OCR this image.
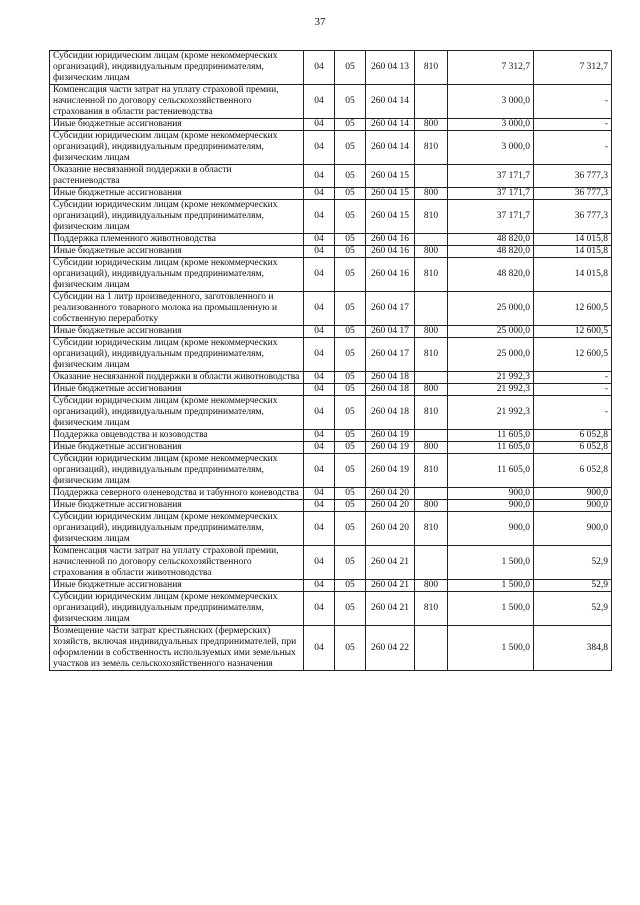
37
Субсидии юридическим лицам (кроме некоммерческих организаций), индивидуальным предпринимателям, физическим лицам	04	05	260 04 13	810	7 312,7	7 312,7
Компенсация части затрат на уплату страховой премии, начисленной по договору сельскохозяйственного страхования в области растениеводства	04	05	260 04 14		3 000,0	-
Иные бюджетные ассигнования	04	05	260 04 14	800	3 000,0	-
Субсидии юридическим лицам (кроме некоммерческих организаций), индивидуальным предпринимателям, физическим лицам	04	05	260 04 14	810	3 000,0	-
Оказание несвязанной поддержки в области растениеводства	04	05	260 04 15		37 171,7	36 777,3
Иные бюджетные ассигнования	04	05	260 04 15	800	37 171,7	36 777,3
Субсидии юридическим лицам (кроме некоммерческих организаций), индивидуальным предпринимателям, физическим лицам	04	05	260 04 15	810	37 171,7	36 777,3
Поддержка племенного животноводства	04	05	260 04 16		48 820,0	14 015,8
Иные бюджетные ассигнования	04	05	260 04 16	800	48 820,0	14 015,8
Субсидии юридическим лицам (кроме некоммерческих организаций), индивидуальным предпринимателям, физическим лицам	04	05	260 04 16	810	48 820,0	14 015,8
Субсидии на 1 литр произведенного, заготовленного и реализованного товарного молока на промышленную и собственную переработку	04	05	260 04 17		25 000,0	12 600,5
Иные бюджетные ассигнования	04	05	260 04 17	800	25 000,0	12 600,5
Субсидии юридическим лицам (кроме некоммерческих организаций), индивидуальным предпринимателям, физическим лицам	04	05	260 04 17	810	25 000,0	12 600,5
Оказание несвязанной поддержки в области животноводства	04	05	260 04 18		21 992,3	-
Иные бюджетные ассигнования	04	05	260 04 18	800	21 992,3	-
Субсидии юридическим лицам (кроме некоммерческих организаций), индивидуальным предпринимателям, физическим лицам	04	05	260 04 18	810	21 992,3	-
Поддержка овцеводства и козоводства	04	05	260 04 19		11 605,0	6 052,8
Иные бюджетные ассигнования	04	05	260 04 19	800	11 605,0	6 052,8
Субсидии юридическим лицам (кроме некоммерческих организаций), индивидуальным предпринимателям, физическим лицам	04	05	260 04 19	810	11 605,0	6 052,8
Поддержка северного оленеводства и табунного коневодства	04	05	260 04 20		900,0	900,0
Иные бюджетные ассигнования	04	05	260 04 20	800	900,0	900,0
Субсидии юридическим лицам (кроме некоммерческих организаций), индивидуальным предпринимателям, физическим лицам	04	05	260 04 20	810	900,0	900,0
Компенсация части затрат на уплату страховой премии, начисленной по договору сельскохозяйственного страхования в области животноводства	04	05	260 04 21		1 500,0	52,9
Иные бюджетные ассигнования	04	05	260 04 21	800	1 500,0	52,9
Субсидии юридическим лицам (кроме некоммерческих организаций), индивидуальным предпринимателям, физическим лицам	04	05	260 04 21	810	1 500,0	52,9
Возмещение части затрат крестьянских (фермерских) хозяйств, включая индивидуальных предпринимателей, при оформлении в собственность используемых ими земельных участков из земель сельскохозяйственного назначения	04	05	260 04 22		1 500,0	384,8
